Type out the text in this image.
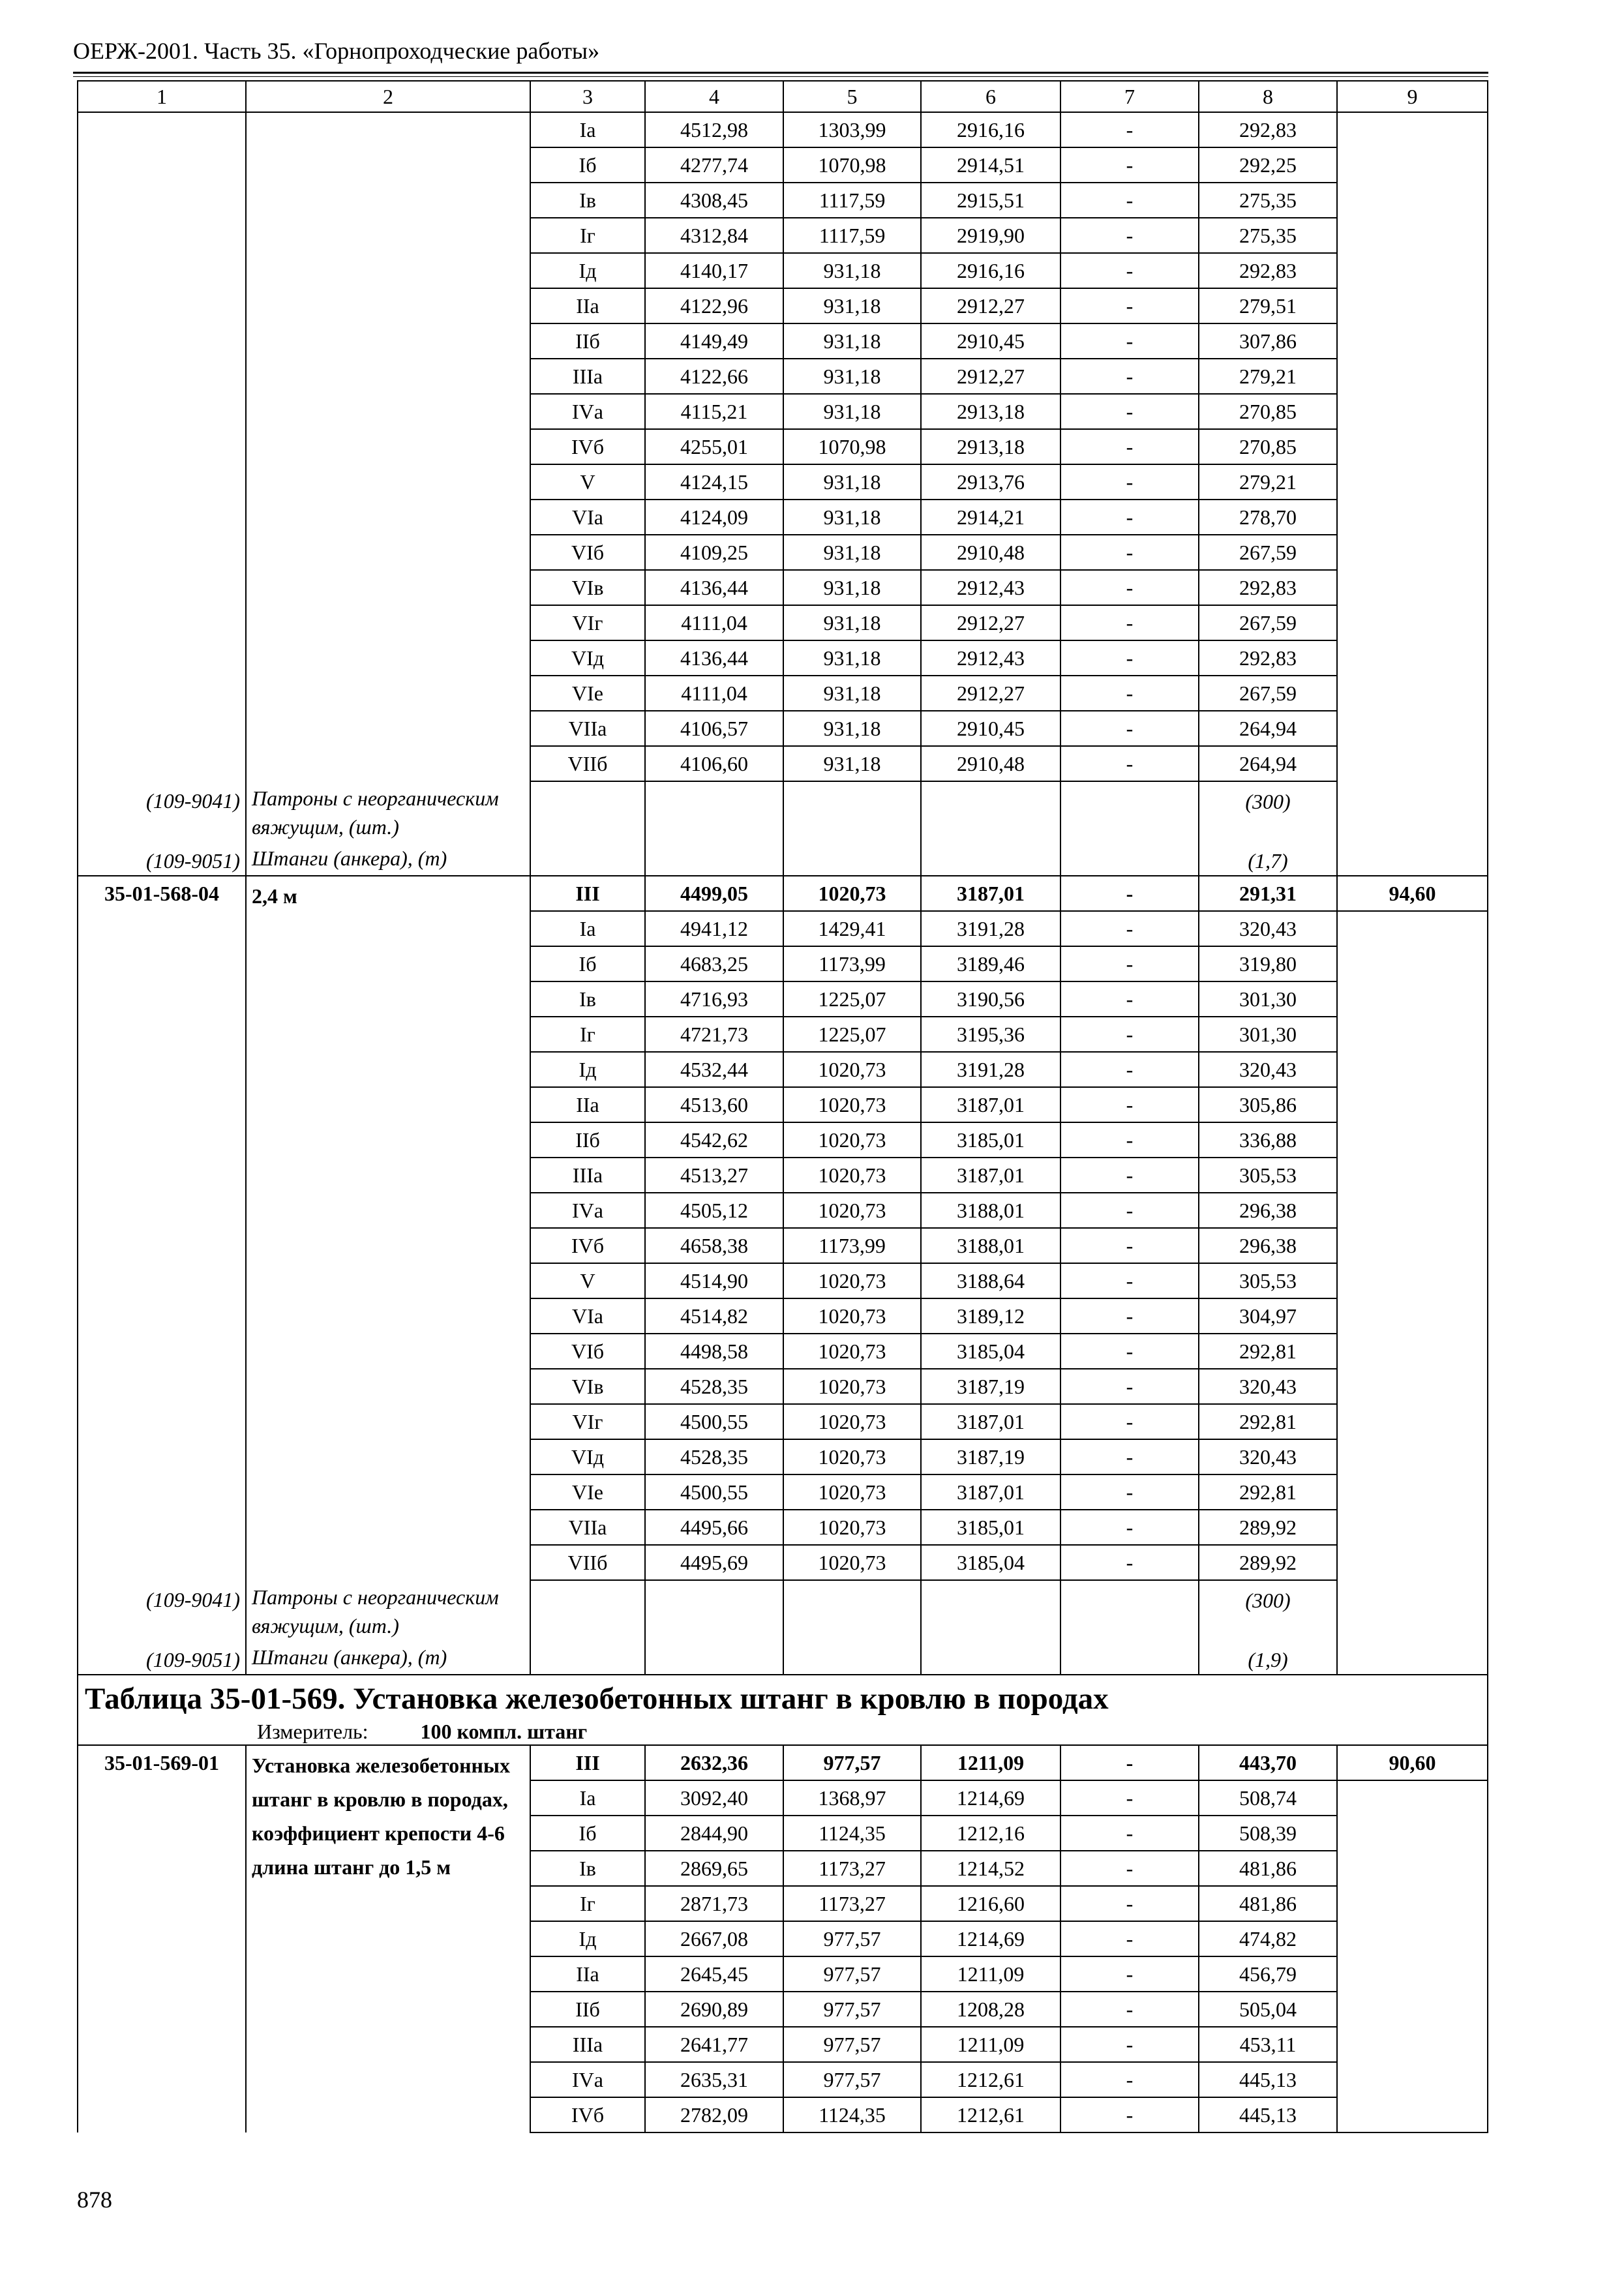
ОЕРЖ-2001. Часть 35. «Горнопроходческие работы»
1	2	3	4	5	6	7	8	9
		Iа	4512,98	1303,99	2916,16	-	292,83	
		Iб	4277,74	1070,98	2914,51	-	292,25	
		Iв	4308,45	1117,59	2915,51	-	275,35	
		Iг	4312,84	1117,59	2919,90	-	275,35	
		Iд	4140,17	931,18	2916,16	-	292,83	
		IIа	4122,96	931,18	2912,27	-	279,51	
		IIб	4149,49	931,18	2910,45	-	307,86	
		IIIа	4122,66	931,18	2912,27	-	279,21	
		IVа	4115,21	931,18	2913,18	-	270,85	
		IVб	4255,01	1070,98	2913,18	-	270,85	
		V	4124,15	931,18	2913,76	-	279,21	
		VIа	4124,09	931,18	2914,21	-	278,70	
		VIб	4109,25	931,18	2910,48	-	267,59	
		VIв	4136,44	931,18	2912,43	-	292,83	
		VIг	4111,04	931,18	2912,27	-	267,59	
		VIд	4136,44	931,18	2912,43	-	292,83	
		VIе	4111,04	931,18	2912,27	-	267,59	
		VIIа	4106,57	931,18	2910,45	-	264,94	
		VIIб	4106,60	931,18	2910,48	-	264,94	
(109-9041)	Патроны с неорганическим вяжущим, (шт.)						(300)	
(109-9051)	Штанги (анкера), (т)						(1,7)	
35-01-568-04	2,4 м	III	4499,05	1020,73	3187,01	-	291,31	94,60
		Iа	4941,12	1429,41	3191,28	-	320,43	
		Iб	4683,25	1173,99	3189,46	-	319,80	
		Iв	4716,93	1225,07	3190,56	-	301,30	
		Iг	4721,73	1225,07	3195,36	-	301,30	
		Iд	4532,44	1020,73	3191,28	-	320,43	
		IIа	4513,60	1020,73	3187,01	-	305,86	
		IIб	4542,62	1020,73	3185,01	-	336,88	
		IIIа	4513,27	1020,73	3187,01	-	305,53	
		IVа	4505,12	1020,73	3188,01	-	296,38	
		IVб	4658,38	1173,99	3188,01	-	296,38	
		V	4514,90	1020,73	3188,64	-	305,53	
		VIа	4514,82	1020,73	3189,12	-	304,97	
		VIб	4498,58	1020,73	3185,04	-	292,81	
		VIв	4528,35	1020,73	3187,19	-	320,43	
		VIг	4500,55	1020,73	3187,01	-	292,81	
		VIд	4528,35	1020,73	3187,19	-	320,43	
		VIе	4500,55	1020,73	3187,01	-	292,81	
		VIIа	4495,66	1020,73	3185,01	-	289,92	
		VIIб	4495,69	1020,73	3185,04	-	289,92	
(109-9041)	Патроны с неорганическим вяжущим, (шт.)						(300)	
(109-9051)	Штанги (анкера), (т)						(1,9)	

Таблица 35-01-569. Установка железобетонных штанг в кровлю в породах
Измеритель: 100 компл. штанг								

35-01-569-01	Установка железобетонных штанг в кровлю в породах, коэффициент крепости 4-6 длина штанг до 1,5 м	III	2632,36	977,57	1211,09	-	443,70	90,60
		Iа	3092,40	1368,97	1214,69	-	508,74	
		Iб	2844,90	1124,35	1212,16	-	508,39	
		Iв	2869,65	1173,27	1214,52	-	481,86	
		Iг	2871,73	1173,27	1216,60	-	481,86	
		Iд	2667,08	977,57	1214,69	-	474,82	
		IIа	2645,45	977,57	1211,09	-	456,79	
		IIб	2690,89	977,57	1208,28	-	505,04	
		IIIа	2641,77	977,57	1211,09	-	453,11	
		IVа	2635,31	977,57	1212,61	-	445,13	
		IVб	2782,09	1124,35	1212,61	-	445,13	
878
